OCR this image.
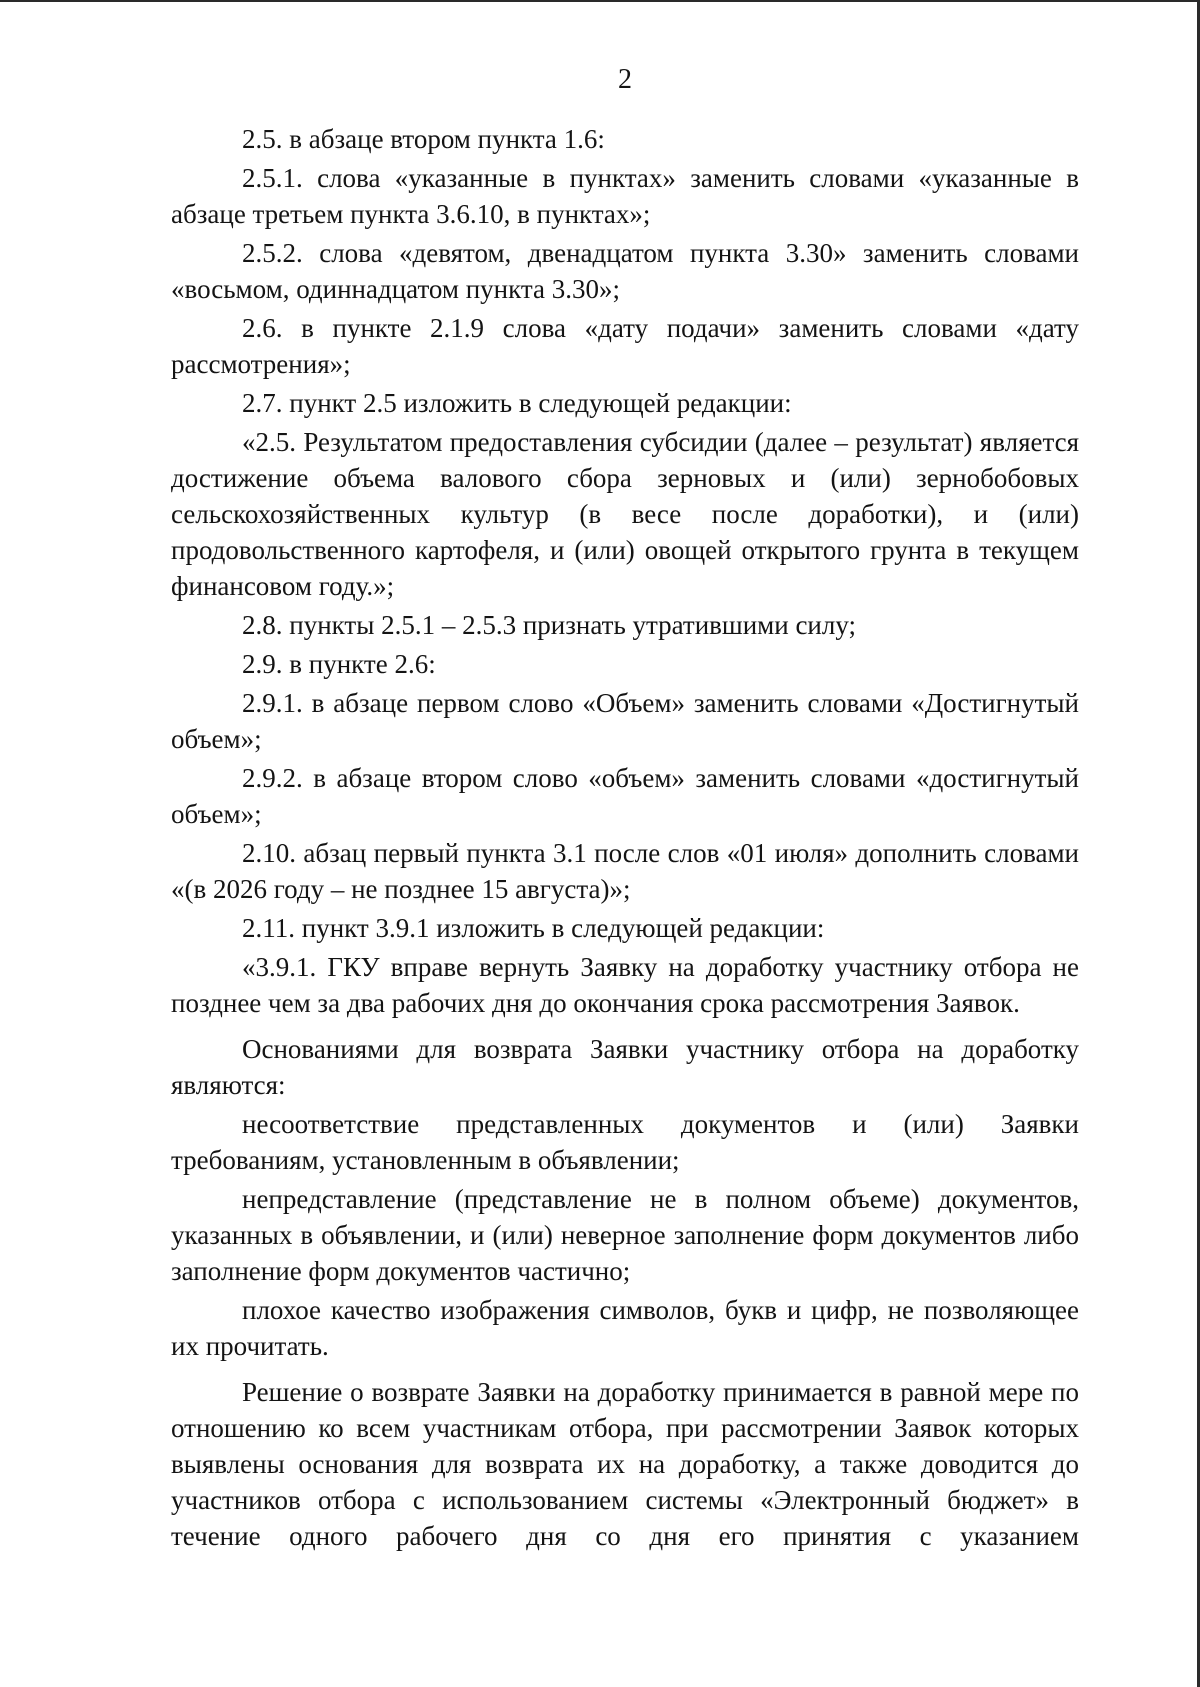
2

2.5. в абзаце втором пункта 1.6:

2.5.1. слова «указанные в пунктах» заменить словами «указанные в абзаце третьем пункта 3.6.10, в пунктах»;

2.5.2. слова «девятом, двенадцатом пункта 3.30» заменить словами «восьмом, одиннадцатом пункта 3.30»;

2.6. в пункте 2.1.9 слова «дату подачи» заменить словами «дату рассмотрения»;

2.7. пункт 2.5 изложить в следующей редакции:

«2.5. Результатом предоставления субсидии (далее – результат) является достижение объема валового сбора зерновых и (или) зернобобовых сельскохозяйственных культур (в весе после доработки), и (или) продовольственного картофеля, и (или) овощей открытого грунта в текущем финансовом году.»;

2.8. пункты 2.5.1 – 2.5.3 признать утратившими силу;

2.9. в пункте 2.6:

2.9.1. в абзаце первом слово «Объем» заменить словами «Достигнутый объем»;

2.9.2. в абзаце втором слово «объем» заменить словами «достигнутый объем»;

2.10. абзац первый пункта 3.1 после слов «01 июля» дополнить словами «(в 2026 году – не позднее 15 августа)»;

2.11. пункт 3.9.1 изложить в следующей редакции:

«3.9.1. ГКУ вправе вернуть Заявку на доработку участнику отбора не позднее чем за два рабочих дня до окончания срока рассмотрения Заявок.

Основаниями для возврата Заявки участнику отбора на доработку являются:

несоответствие представленных документов и (или) Заявки требованиям, установленным в объявлении;

непредставление (представление не в полном объеме) документов, указанных в объявлении, и (или) неверное заполнение форм документов либо заполнение форм документов частично;

плохое качество изображения символов, букв и цифр, не позволяющее их прочитать.

Решение о возврате Заявки на доработку принимается в равной мере по отношению ко всем участникам отбора, при рассмотрении Заявок которых выявлены основания для возврата их на доработку, а также доводится до участников отбора с использованием системы «Электронный бюджет» в течение одного рабочего дня со дня его принятия с указанием
